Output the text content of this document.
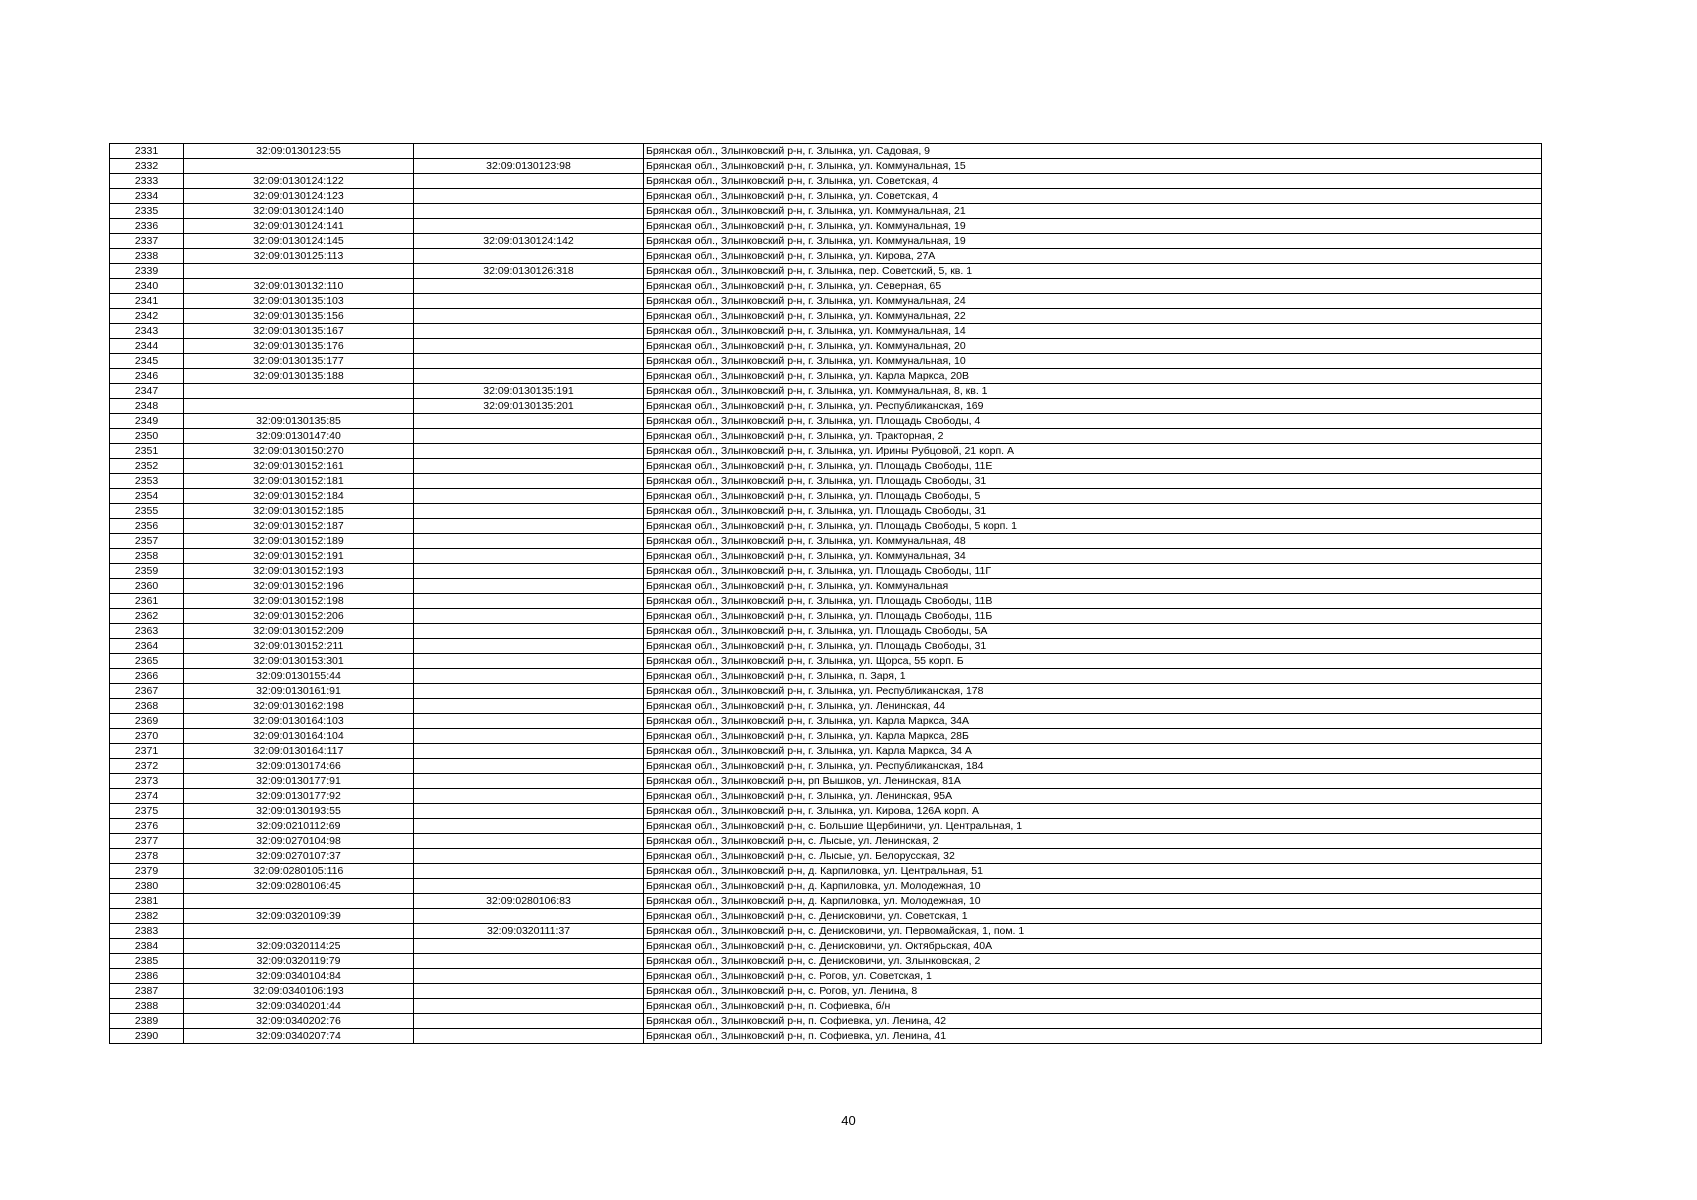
2331	32:09:0130123:55		Брянская обл., Злынковский р-н, г. Злынка, ул. Садовая, 9
2332		32:09:0130123:98	Брянская обл., Злынковский р-н, г. Злынка, ул. Коммунальная, 15
2333	32:09:0130124:122		Брянская обл., Злынковский р-н, г. Злынка, ул. Советская, 4
2334	32:09:0130124:123		Брянская обл., Злынковский р-н, г. Злынка, ул. Советская, 4
2335	32:09:0130124:140		Брянская обл., Злынковский р-н, г. Злынка, ул. Коммунальная, 21
2336	32:09:0130124:141		Брянская обл., Злынковский р-н, г. Злынка, ул. Коммунальная, 19
2337	32:09:0130124:145	32:09:0130124:142	Брянская обл., Злынковский р-н, г. Злынка, ул. Коммунальная, 19
2338	32:09:0130125:113		Брянская обл., Злынковский р-н, г. Злынка, ул. Кирова, 27А
2339		32:09:0130126:318	Брянская обл., Злынковский р-н, г. Злынка, пер. Советский, 5, кв. 1
2340	32:09:0130132:110		Брянская обл., Злынковский р-н, г. Злынка, ул. Северная, 65
2341	32:09:0130135:103		Брянская обл., Злынковский р-н, г. Злынка, ул. Коммунальная, 24
2342	32:09:0130135:156		Брянская обл., Злынковский р-н, г. Злынка, ул. Коммунальная, 22
2343	32:09:0130135:167		Брянская обл., Злынковский р-н, г. Злынка, ул. Коммунальная, 14
2344	32:09:0130135:176		Брянская обл., Злынковский р-н, г. Злынка, ул. Коммунальная, 20
2345	32:09:0130135:177		Брянская обл., Злынковский р-н, г. Злынка, ул. Коммунальная, 10
2346	32:09:0130135:188		Брянская обл., Злынковский р-н, г. Злынка, ул. Карла Маркса, 20В
2347		32:09:0130135:191	Брянская обл., Злынковский р-н, г. Злынка, ул. Коммунальная, 8, кв. 1
2348		32:09:0130135:201	Брянская обл., Злынковский р-н, г. Злынка, ул. Республиканская, 169
2349	32:09:0130135:85		Брянская обл., Злынковский р-н, г. Злынка, ул. Площадь Свободы, 4
2350	32:09:0130147:40		Брянская обл., Злынковский р-н, г. Злынка, ул. Тракторная, 2
2351	32:09:0130150:270		Брянская обл., Злынковский р-н, г. Злынка, ул. Ирины Рубцовой, 21 корп. А
2352	32:09:0130152:161		Брянская обл., Злынковский р-н, г. Злынка, ул. Площадь Свободы, 11Е
2353	32:09:0130152:181		Брянская обл., Злынковский р-н, г. Злынка, ул. Площадь Свободы, 31
2354	32:09:0130152:184		Брянская обл., Злынковский р-н, г. Злынка, ул. Площадь Свободы, 5
2355	32:09:0130152:185		Брянская обл., Злынковский р-н, г. Злынка, ул. Площадь Свободы, 31
2356	32:09:0130152:187		Брянская обл., Злынковский р-н, г. Злынка, ул. Площадь Свободы, 5 корп. 1
2357	32:09:0130152:189		Брянская обл., Злынковский р-н, г. Злынка, ул. Коммунальная, 48
2358	32:09:0130152:191		Брянская обл., Злынковский р-н, г. Злынка, ул. Коммунальная, 34
2359	32:09:0130152:193		Брянская обл., Злынковский р-н, г. Злынка, ул. Площадь Свободы, 11Г
2360	32:09:0130152:196		Брянская обл., Злынковский р-н, г. Злынка, ул. Коммунальная
2361	32:09:0130152:198		Брянская обл., Злынковский р-н, г. Злынка, ул. Площадь Свободы, 11В
2362	32:09:0130152:206		Брянская обл., Злынковский р-н, г. Злынка, ул. Площадь Свободы, 11Б
2363	32:09:0130152:209		Брянская обл., Злынковский р-н, г. Злынка, ул. Площадь Свободы, 5А
2364	32:09:0130152:211		Брянская обл., Злынковский р-н, г. Злынка, ул. Площадь Свободы, 31
2365	32:09:0130153:301		Брянская обл., Злынковский р-н, г. Злынка, ул. Щорса, 55 корп. Б
2366	32:09:0130155:44		Брянская обл., Злынковский р-н, г. Злынка, п. Заря, 1
2367	32:09:0130161:91		Брянская обл., Злынковский р-н, г. Злынка, ул. Республиканская, 178
2368	32:09:0130162:198		Брянская обл., Злынковский р-н, г. Злынка, ул. Ленинская, 44
2369	32:09:0130164:103		Брянская обл., Злынковский р-н, г. Злынка, ул. Карла Маркса, 34А
2370	32:09:0130164:104		Брянская обл., Злынковский р-н, г. Злынка, ул. Карла Маркса, 28Б
2371	32:09:0130164:117		Брянская обл., Злынковский р-н, г. Злынка, ул. Карла Маркса, 34 А
2372	32:09:0130174:66		Брянская обл., Злынковский р-н, г. Злынка, ул. Республиканская, 184
2373	32:09:0130177:91		Брянская обл., Злынковский р-н, рп Вышков, ул. Ленинская, 81А
2374	32:09:0130177:92		Брянская обл., Злынковский р-н, г. Злынка, ул. Ленинская, 95А
2375	32:09:0130193:55		Брянская обл., Злынковский р-н, г. Злынка, ул. Кирова, 126А корп. А
2376	32:09:0210112:69		Брянская обл., Злынковский р-н, с. Большие Щербиничи, ул. Центральная, 1
2377	32:09:0270104:98		Брянская обл., Злынковский р-н, с. Лысые, ул. Ленинская, 2
2378	32:09:0270107:37		Брянская обл., Злынковский р-н, с. Лысые, ул. Белорусская, 32
2379	32:09:0280105:116		Брянская обл., Злынковский р-н, д. Карпиловка, ул. Центральная, 51
2380	32:09:0280106:45		Брянская обл., Злынковский р-н, д. Карпиловка, ул. Молодежная, 10
2381		32:09:0280106:83	Брянская обл., Злынковский р-н, д. Карпиловка, ул. Молодежная, 10
2382	32:09:0320109:39		Брянская обл., Злынковский р-н, с. Денисковичи, ул. Советская, 1
2383		32:09:0320111:37	Брянская обл., Злынковский р-н, с. Денисковичи, ул. Первомайская, 1, пом. 1
2384	32:09:0320114:25		Брянская обл., Злынковский р-н, с. Денисковичи, ул. Октябрьская, 40А
2385	32:09:0320119:79		Брянская обл., Злынковский р-н, с. Денисковичи, ул. Злынковская, 2
2386	32:09:0340104:84		Брянская обл., Злынковский р-н, с. Рогов, ул. Советская, 1
2387	32:09:0340106:193		Брянская обл., Злынковский р-н, с. Рогов, ул. Ленина, 8
2388	32:09:0340201:44		Брянская обл., Злынковский р-н, п. Софиевка, б/н
2389	32:09:0340202:76		Брянская обл., Злынковский р-н, п. Софиевка, ул. Ленина, 42
2390	32:09:0340207:74		Брянская обл., Злынковский р-н, п. Софиевка, ул. Ленина, 41
40
